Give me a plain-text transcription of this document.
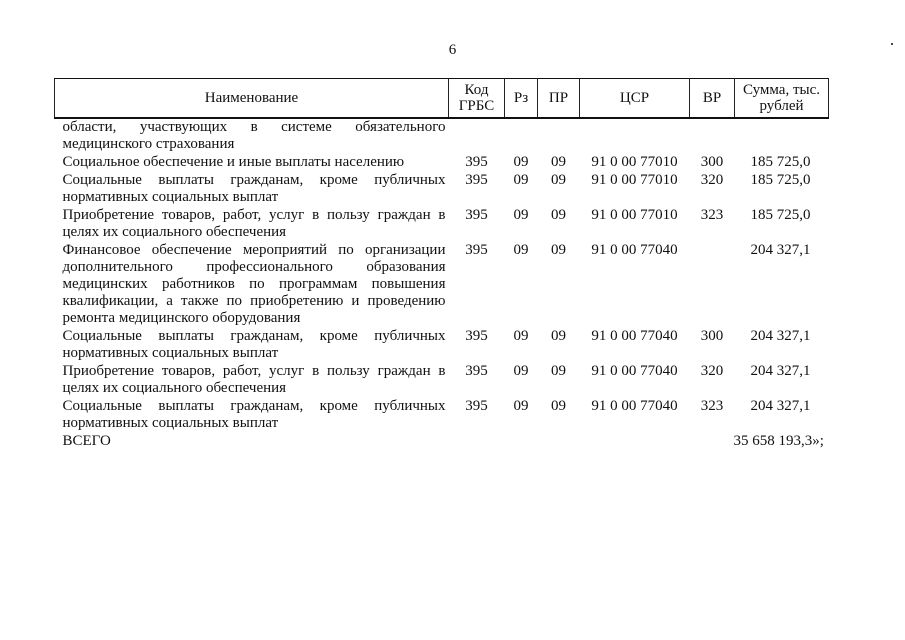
6
Наименование	Код ГРБС	Рз	ПР	ЦСР	ВР	Сумма, тыс. рублей
области, участвующих в системе обязательного медицинского страхования						
Социальное обеспечение и иные выплаты населению	395	09	09	91 0 00 77010	300	185 725,0
Социальные выплаты гражданам, кроме публичных нормативных социальных выплат	395	09	09	91 0 00 77010	320	185 725,0
Приобретение товаров, работ, услуг в пользу граждан в целях их социального обеспечения	395	09	09	91 0 00 77010	323	185 725,0
Финансовое обеспечение мероприятий по организации дополнительного профессионального образования медицинских работников по программам повышения квалификации, а также по приобретению и проведению ремонта медицинского оборудования	395	09	09	91 0 00 77040		204 327,1
Социальные выплаты гражданам, кроме публичных нормативных социальных выплат	395	09	09	91 0 00 77040	300	204 327,1
Приобретение товаров, работ, услуг в пользу граждан в целях их социального обеспечения	395	09	09	91 0 00 77040	320	204 327,1
Социальные выплаты гражданам, кроме публичных нормативных социальных выплат	395	09	09	91 0 00 77040	323	204 327,1
ВСЕГО						35 658 193,3»;
